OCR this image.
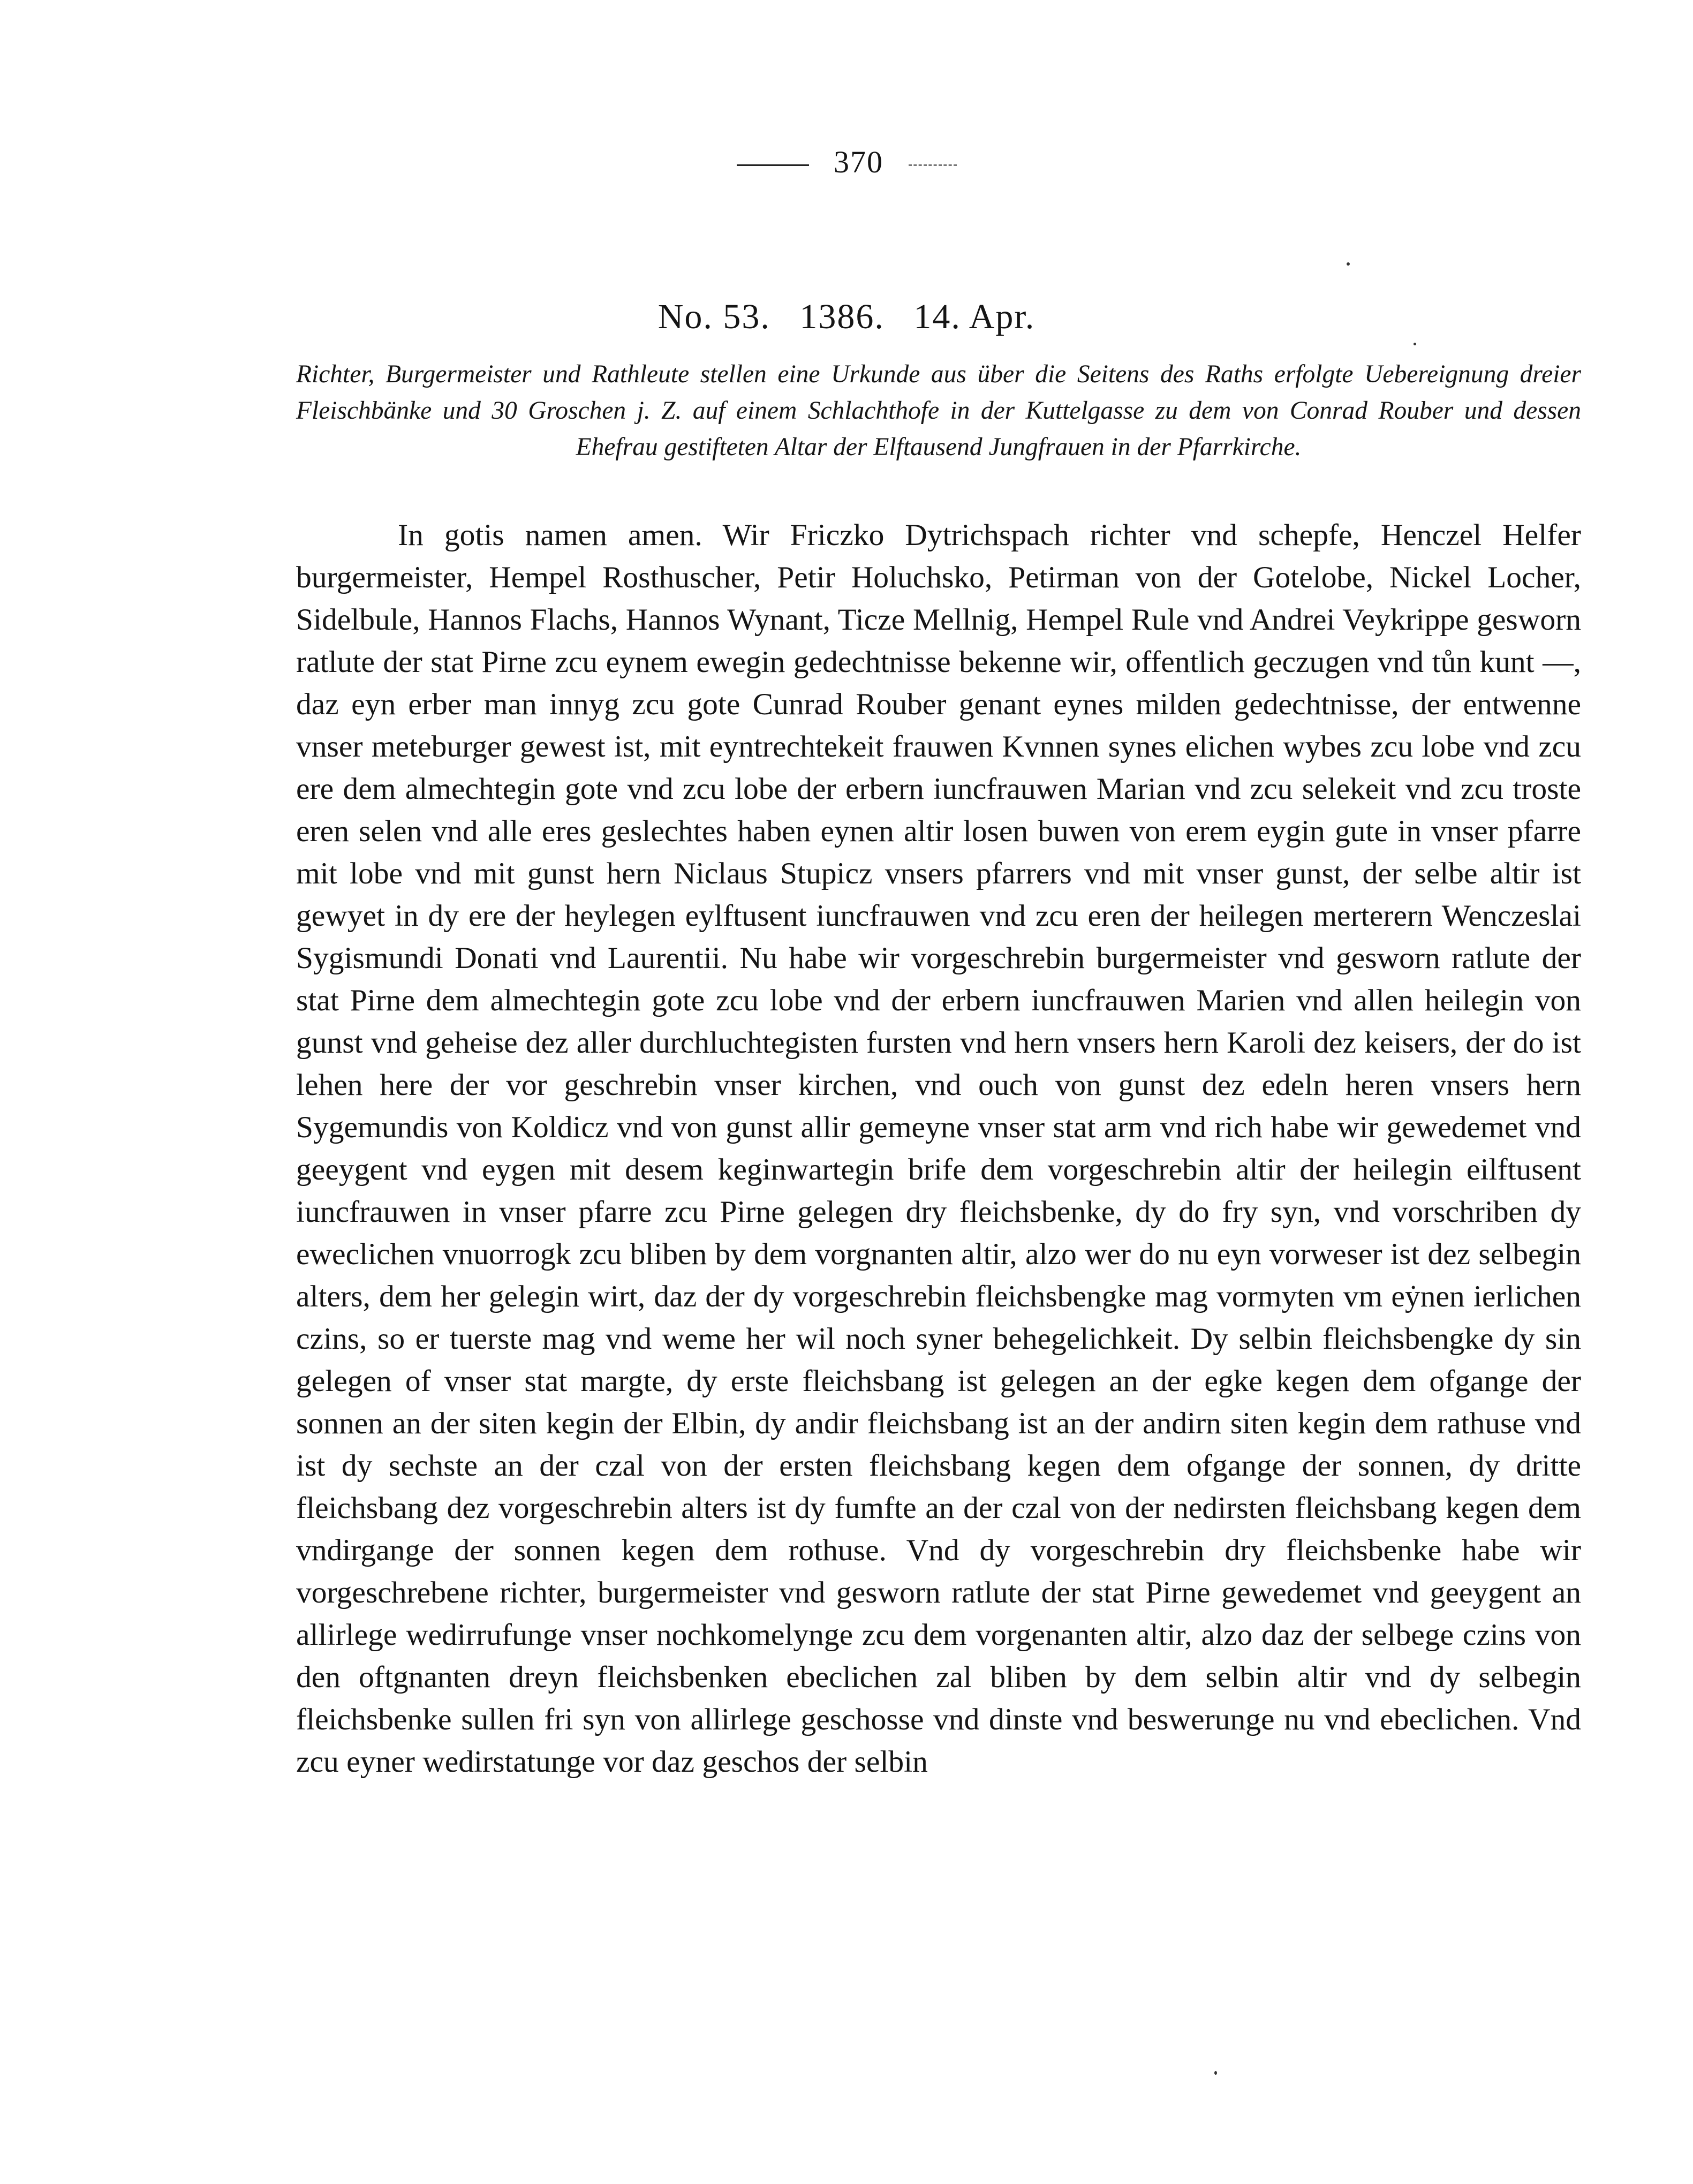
370
No. 53. 1386. 14. Apr.

Richter, Burgermeister und Rathleute stellen eine Urkunde aus über die Seitens des Raths erfolgte Uebereignung dreier Fleischbänke und 30 Groschen j. Z. auf einem Schlachthofe in der Kuttelgasse zu dem von Conrad Rouber und dessen Ehefrau gestifteten Altar der Elftausend Jungfrauen in der Pfarrkirche.

In gotis namen amen. Wir Friczko Dytrichspach richter vnd schepfe, Henczel Helfer burgermeister, Hempel Rosthuscher, Petir Holuchsko, Petirman von der Gotelobe, Nickel Locher, Sidelbule, Hannos Flachs, Hannos Wynant, Ticze Mellnig, Hempel Rule vnd Andrei Veykrippe gesworn ratlute der stat Pirne zcu eynem ewegin gedechtnisse bekenne wir, offentlich geczugen vnd tůn kunt —, daz eyn erber man innyg zcu gote Cunrad Rouber genant eynes milden gedechtnisse, der entwenne vnser meteburger gewest ist, mit eyntrechtekeit frauwen Kvnnen synes elichen wybes zcu lobe vnd zcu ere dem almechtegin gote vnd zcu lobe der erbern iuncfrauwen Marian vnd zcu selekeit vnd zcu troste eren selen vnd alle eres geslechtes haben eynen altir losen buwen von erem eygin gute in vnser pfarre mit lobe vnd mit gunst hern Niclaus Stupicz vnsers pfarrers vnd mit vnser gunst, der selbe altir ist gewyet in dy ere der heylegen eylftusent iuncfrauwen vnd zcu eren der heilegen merterern Wenczeslai Sygismundi Donati vnd Laurentii. Nu habe wir vorgeschrebin burgermeister vnd gesworn ratlute der stat Pirne dem almechtegin gote zcu lobe vnd der erbern iuncfrauwen Marien vnd allen heilegin von gunst vnd geheise dez aller durchluchtegisten fursten vnd hern vnsers hern Karoli dez keisers, der do ist lehen here der vor geschrebin vnser kirchen, vnd ouch von gunst dez edeln heren vnsers hern Sygemundis von Koldicz vnd von gunst allir gemeyne vnser stat arm vnd rich habe wir gewedemet vnd geeygent vnd eygen mit desem keginwartegin brife dem vorgeschrebin altir der heilegin eilftusent iuncfrauwen in vnser pfarre zcu Pirne gelegen dry fleichsbenke, dy do fry syn, vnd vorschriben dy eweclichen vnuorrogk zcu bliben by dem vorgnanten altir, alzo wer do nu eyn vorweser ist dez selbegin alters, dem her gelegin wirt, daz der dy vorgeschrebin fleichsbengke mag vormyten vm eẏnen ierlichen czins, so er tuerste mag vnd weme her wil noch syner behegelichkeit. Dy selbin fleichsbengke dy sin gelegen of vnser stat margte, dy erste fleichsbang ist gelegen an der egke kegen dem ofgange der sonnen an der siten kegin der Elbin, dy andir fleichsbang ist an der andirn siten kegin dem rathuse vnd ist dy sechste an der czal von der ersten fleichsbang kegen dem ofgange der sonnen, dy dritte fleichsbang dez vorgeschrebin alters ist dy fumfte an der czal von der nedirsten fleichsbang kegen dem vndirgange der sonnen kegen dem rothuse. Vnd dy vorgeschrebin dry fleichsbenke habe wir vorgeschrebene richter, burgermeister vnd gesworn ratlute der stat Pirne gewedemet vnd geeygent an allirlege wedirrufunge vnser nochkomelynge zcu dem vorgenanten altir, alzo daz der selbege czins von den oftgnanten dreyn fleichsbenken ebeclichen zal bliben by dem selbin altir vnd dy selbegin fleichsbenke sullen fri syn von allirlege geschosse vnd dinste vnd beswerunge nu vnd ebeclichen. Vnd zcu eyner wedirstatunge vor daz geschos der selbin
